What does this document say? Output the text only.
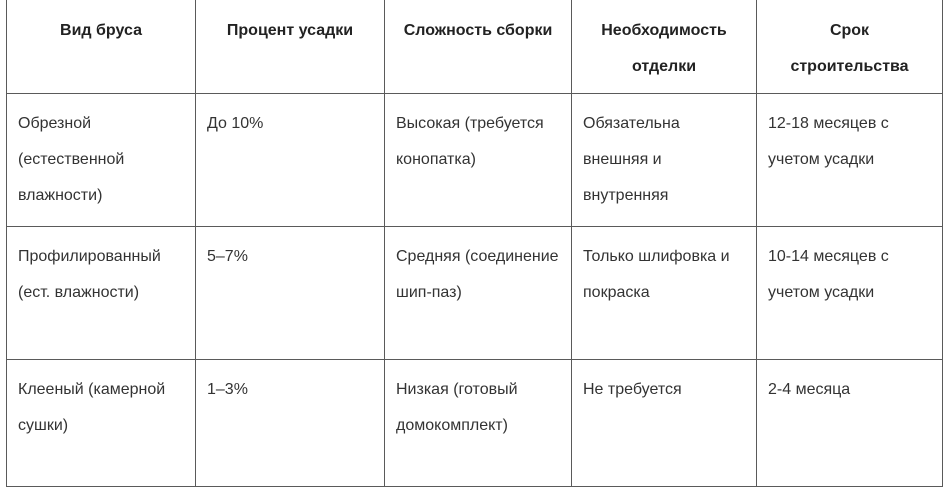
Вид бруса	Процент усадки	Сложность сборки	Необходимость отделки	Срок строительства
Обрезной (естественной влажности)	До 10%	Высокая (требуется конопатка)	Обязательна внешняя и внутренняя	12-18 месяцев с учетом усадки
Профилированный (ест. влажности)	5–7%	Средняя (соединение шип-паз)	Только шлифовка и покраска	10-14 месяцев с учетом усадки
Клееный (камерной сушки)	1–3%	Низкая (готовый домокомплект)	Не требуется	2-4 месяца
